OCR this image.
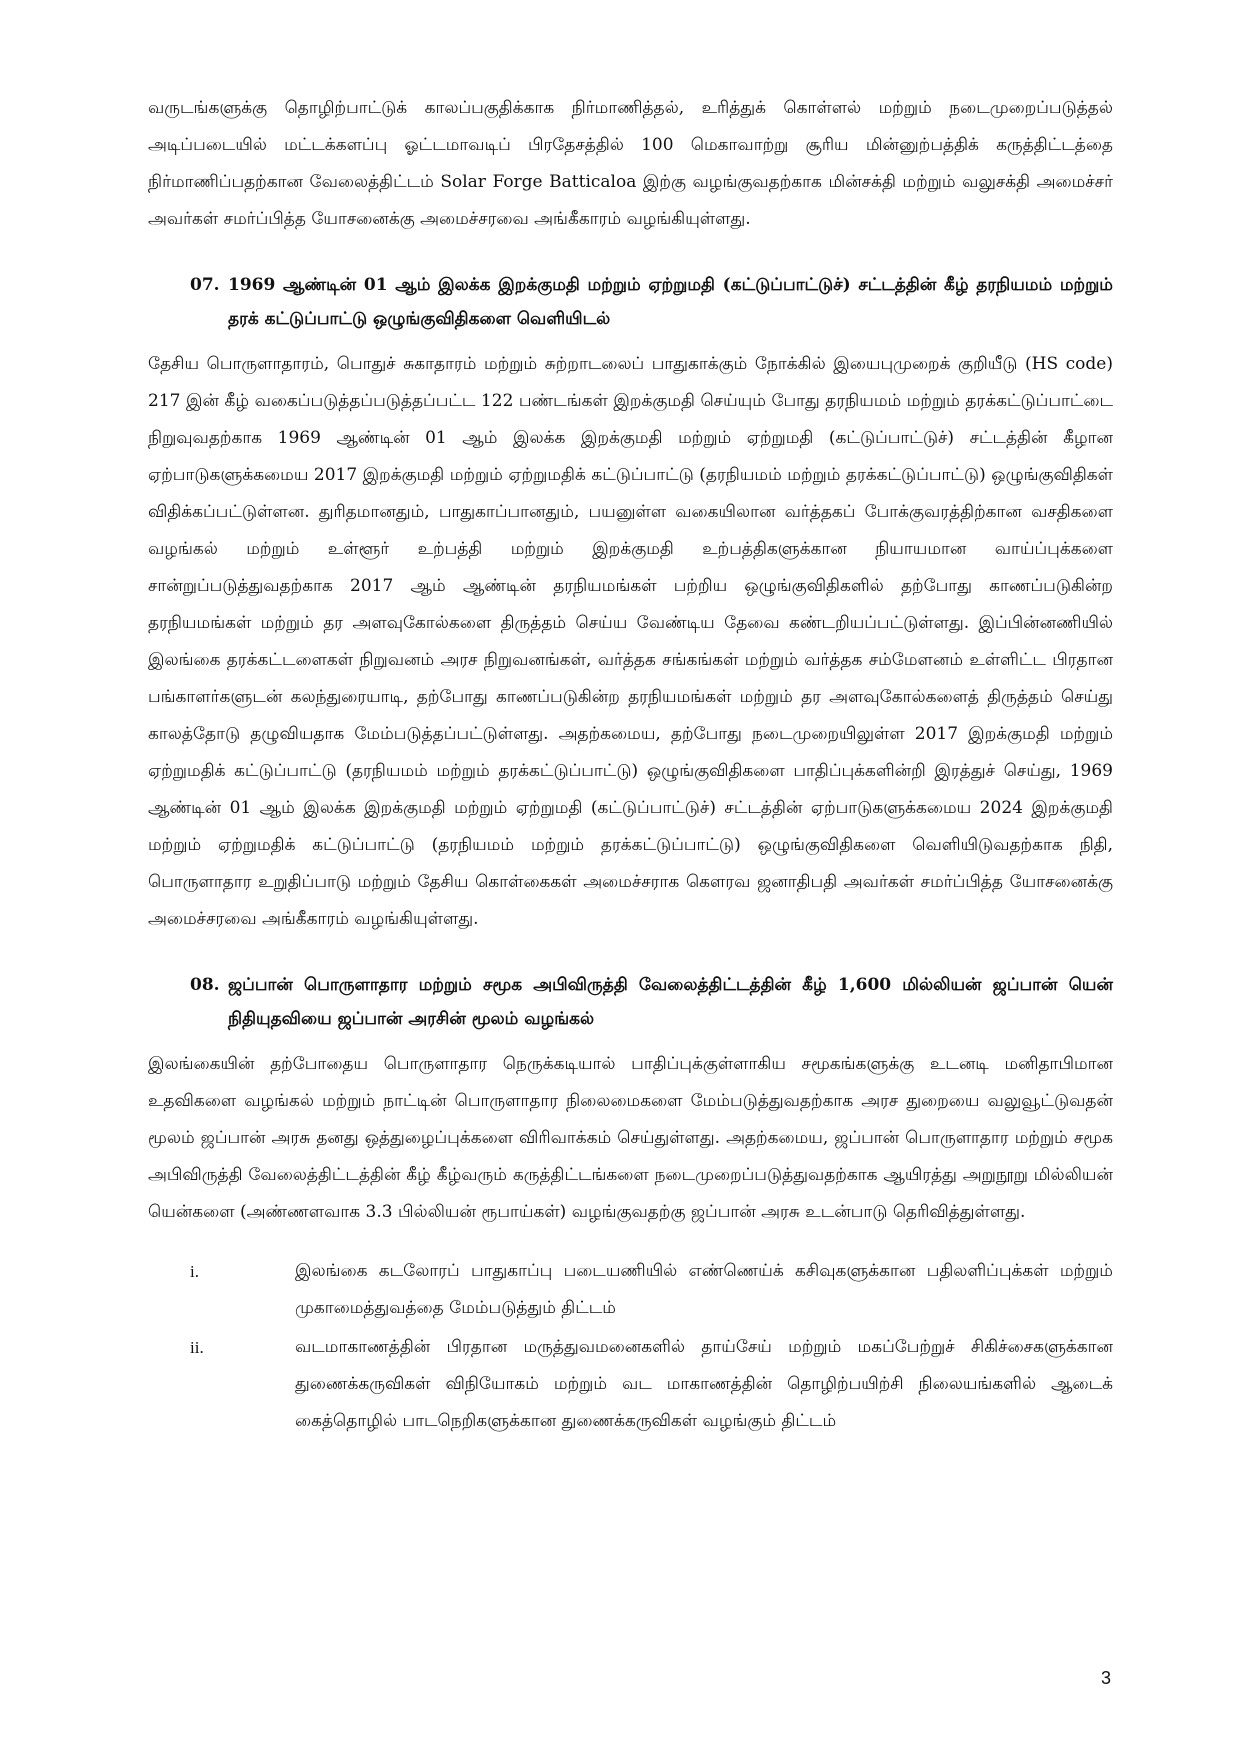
வருடங்களுக்கு தொழிற்பாட்டுக் காலப்பகுதிக்காக நிர்மாணித்தல், உரித்துக் கொள்ளல் மற்றும் நடைமுறைப்படுத்தல் அடிப்படையில் மட்டக்களப்பு ஓட்டமாவடிப் பிரதேசத்தில் 100 மெகாவாற்று சூரிய மின்னுற்பத்திக் கருத்திட்டத்தை நிர்மாணிப்பதற்கான வேலைத்திட்டம் Solar Forge Batticaloa இற்கு வழங்குவதற்காக மின்சக்தி மற்றும் வலுசக்தி அமைச்சர் அவர்கள் சமர்ப்பித்த யோசனைக்கு அமைச்சரவை அங்கீகாரம் வழங்கியுள்ளது.

07. 1969 ஆண்டின் 01 ஆம் இலக்க இறக்குமதி மற்றும் ஏற்றுமதி (கட்டுப்பாட்டுச்) சட்டத்தின் கீழ் தரநியமம் மற்றும் தரக் கட்டுப்பாட்டு ஒழுங்குவிதிகளை வெளியிடல்

தேசிய பொருளாதாரம், பொதுச் சுகாதாரம் மற்றும் சுற்றாடலைப் பாதுகாக்கும் நோக்கில் இயைபுமுறைக் குறியீடு (HS code) 217 இன் கீழ் வகைப்படுத்தப்படுத்தப்பட்ட 122 பண்டங்கள் இறக்குமதி செய்யும் போது தரநியமம் மற்றும் தரக்கட்டுப்பாட்டை நிறுவுவதற்காக 1969 ஆண்டின் 01 ஆம் இலக்க இறக்குமதி மற்றும் ஏற்றுமதி (கட்டுப்பாட்டுச்) சட்டத்தின் கீழான ஏற்பாடுகளுக்கமைய 2017 இறக்குமதி மற்றும் ஏற்றுமதிக் கட்டுப்பாட்டு (தரநியமம் மற்றும் தரக்கட்டுப்பாட்டு) ஒழுங்குவிதிகள் விதிக்கப்பட்டுள்ளன. துரிதமானதும், பாதுகாப்பானதும், பயனுள்ள வகையிலான வர்த்தகப் போக்குவரத்திற்கான வசதிகளை வழங்கல் மற்றும் உள்ளூர் உற்பத்தி மற்றும் இறக்குமதி உற்பத்திகளுக்கான நியாயமான வாய்ப்புக்களை சான்றுப்படுத்துவதற்காக 2017 ஆம் ஆண்டின் தரநியமங்கள் பற்றிய ஒழுங்குவிதிகளில் தற்போது காணப்படுகின்ற தரநியமங்கள் மற்றும் தர அளவுகோல்களை திருத்தம் செய்ய வேண்டிய தேவை கண்டறியப்பட்டுள்ளது. இப்பின்னணியில் இலங்கை தரக்கட்டளைகள் நிறுவனம் அரச நிறுவனங்கள், வர்த்தக சங்கங்கள் மற்றும் வர்த்தக சம்மேளனம் உள்ளிட்ட பிரதான பங்காளர்களுடன் கலந்துரையாடி, தற்போது காணப்படுகின்ற தரநியமங்கள் மற்றும் தர அளவுகோல்களைத் திருத்தம் செய்து காலத்தோடு தழுவியதாக மேம்படுத்தப்பட்டுள்ளது. அதற்கமைய, தற்போது நடைமுறையிலுள்ள 2017 இறக்குமதி மற்றும் ஏற்றுமதிக் கட்டுப்பாட்டு (தரநியமம் மற்றும் தரக்கட்டுப்பாட்டு) ஒழுங்குவிதிகளை பாதிப்புக்களின்றி இரத்துச் செய்து, 1969 ஆண்டின் 01 ஆம் இலக்க இறக்குமதி மற்றும் ஏற்றுமதி (கட்டுப்பாட்டுச்) சட்டத்தின் ஏற்பாடுகளுக்கமைய 2024 இறக்குமதி மற்றும் ஏற்றுமதிக் கட்டுப்பாட்டு (தரநியமம் மற்றும் தரக்கட்டுப்பாட்டு) ஒழுங்குவிதிகளை வெளியிடுவதற்காக நிதி, பொருளாதார உறுதிப்பாடு மற்றும் தேசிய கொள்கைகள் அமைச்சராக கௌரவ ஜனாதிபதி அவர்கள் சமர்ப்பித்த யோசனைக்கு அமைச்சரவை அங்கீகாரம் வழங்கியுள்ளது.

08. ஜப்பான் பொருளாதார மற்றும் சமூக அபிவிருத்தி வேலைத்திட்டத்தின் கீழ் 1,600 மில்லியன் ஜப்பான் யென் நிதியுதவியை ஜப்பான் அரசின் மூலம் வழங்கல்

இலங்கையின் தற்போதைய பொருளாதார நெருக்கடியால் பாதிப்புக்குள்ளாகிய சமூகங்களுக்கு உடனடி மனிதாபிமான உதவிகளை வழங்கல் மற்றும் நாட்டின் பொருளாதார நிலைமைகளை மேம்படுத்துவதற்காக அரச துறையை வலுவூட்டுவதன் மூலம் ஜப்பான் அரசு தனது ஒத்துழைப்புக்களை விரிவாக்கம் செய்துள்ளது. அதற்கமைய, ஜப்பான் பொருளாதார மற்றும் சமூக அபிவிருத்தி வேலைத்திட்டத்தின் கீழ் கீழ்வரும் கருத்திட்டங்களை நடைமுறைப்படுத்துவதற்காக ஆயிரத்து அறுநூறு மில்லியன் யென்களை (அண்ணளவாக 3.3 பில்லியன் ரூபாய்கள்) வழங்குவதற்கு ஜப்பான் அரசு உடன்பாடு தெரிவித்துள்ளது.

i.	இலங்கை கடலோரப் பாதுகாப்பு படையணியில் எண்ணெய்க் கசிவுகளுக்கான பதிலளிப்புக்கள் மற்றும் முகாமைத்துவத்தை மேம்படுத்தும் திட்டம்
ii.	வடமாகாணத்தின் பிரதான மருத்துவமனைகளில் தாய்சேய் மற்றும் மகப்பேற்றுச் சிகிச்சைகளுக்கான துணைக்கருவிகள் விநியோகம் மற்றும் வட மாகாணத்தின் தொழிற்பயிற்சி நிலையங்களில் ஆடைக் கைத்தொழில் பாடநெறிகளுக்கான துணைக்கருவிகள் வழங்கும் திட்டம்
3
